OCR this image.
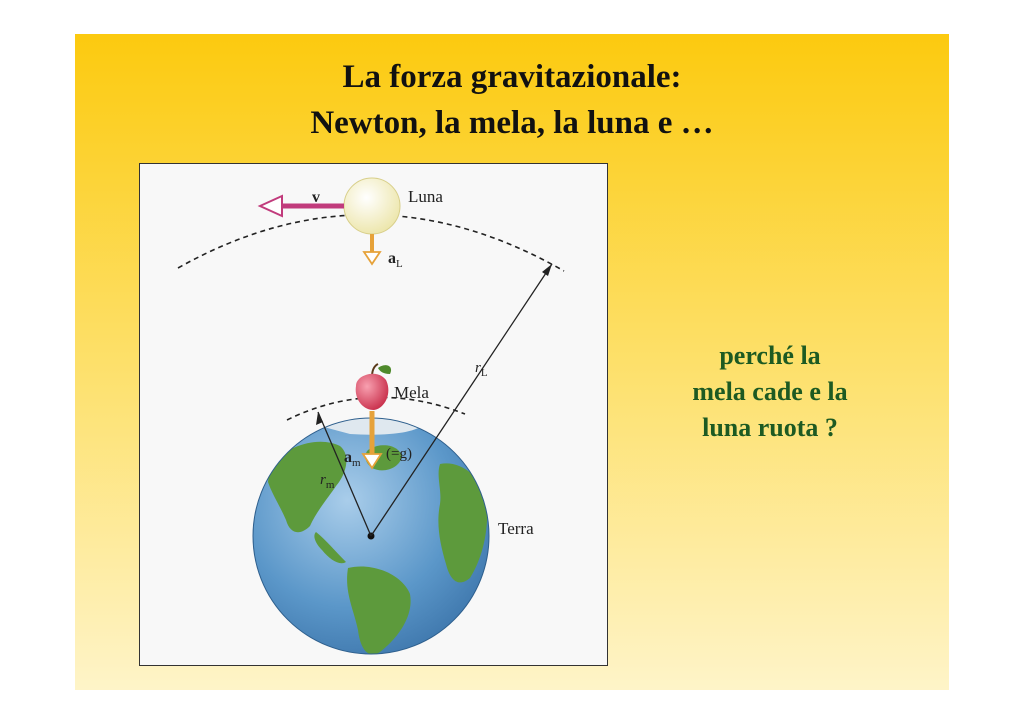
La forza gravitazionale:
Newton, la mela, la luna e …
Luna
v
$a_L$
Mela
$r_L$
$a_m$
(=g)
$r_m$
Terra
perché la
mela cade e la
luna ruota ?
